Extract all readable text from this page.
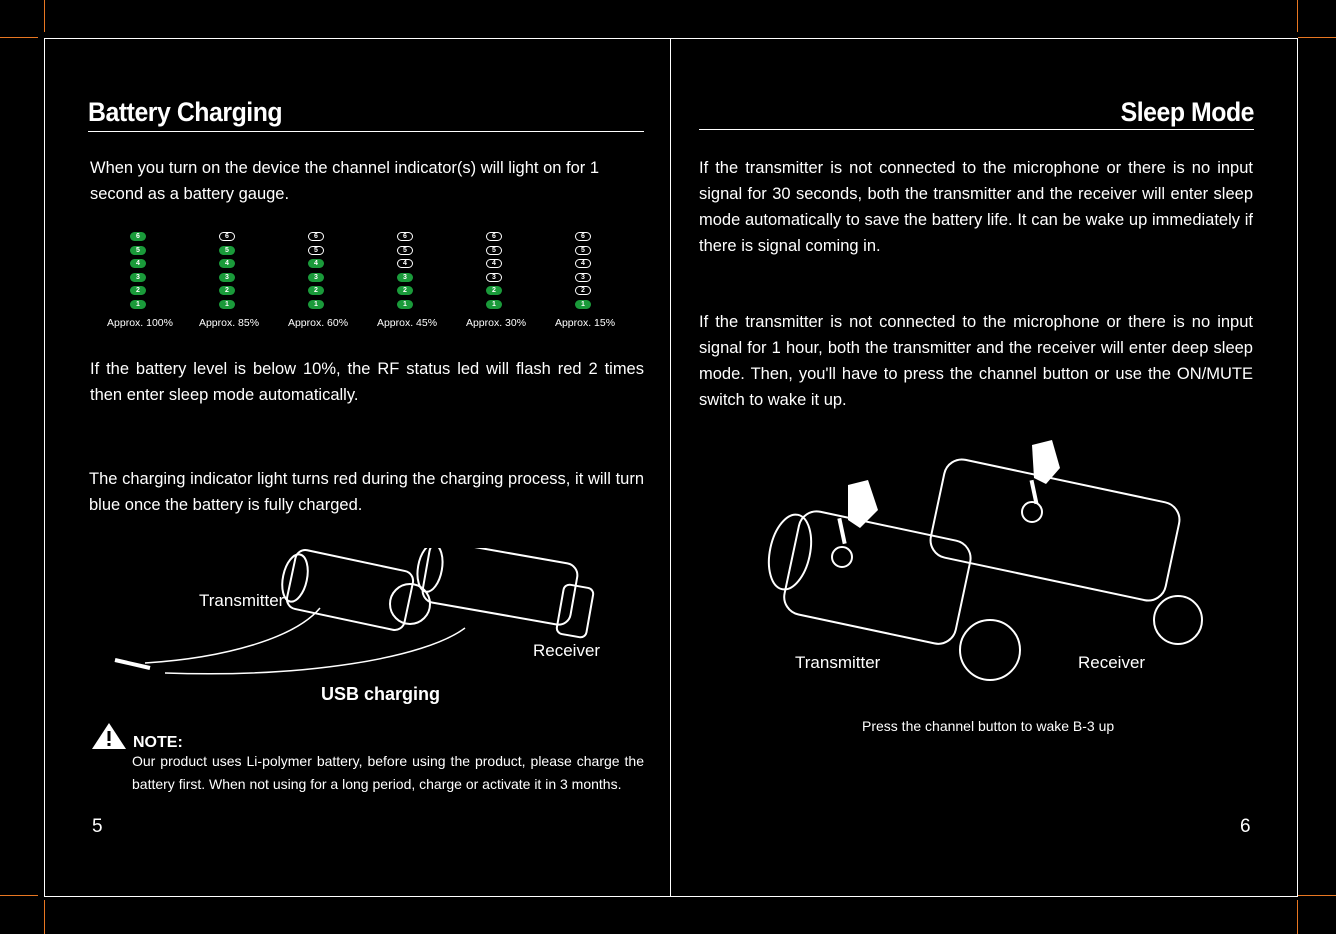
Battery Charging
When you turn on the device the channel indicator(s) will light on for 1 second as a battery gauge.
6
5
4
3
2
1
Approx. 100%
6
5
4
3
2
1
Approx. 85%
6
5
4
3
2
1
Approx. 60%
6
5
4
3
2
1
Approx. 45%
6
5
4
3
2
1
Approx. 30%
6
5
4
3
2
1
Approx. 15%
If the battery level is below 10%, the RF status led will flash red 2 times then enter sleep mode automatically.
The charging indicator light turns red during the charging process, it will turn blue once the battery is fully charged.
Transmitter
Receiver
USB charging
NOTE:
Our product uses Li-polymer battery, before using the product, please charge the battery first. When not using for a long period, charge or activate it in 3 months.
5
Sleep Mode
If the transmitter is not connected to the microphone or there is no input signal for 30 seconds, both the transmitter and the receiver will enter sleep mode automatically to save the battery life. It can be wake up immediately if there is signal coming in.
If the transmitter is not connected to the microphone or there is no input signal for 1 hour, both the transmitter and the receiver will enter deep sleep mode. Then, you'll have to press the channel button or use the ON/MUTE switch to wake it up.
Transmitter	Receiver
Press the channel button to wake B-3 up
6
